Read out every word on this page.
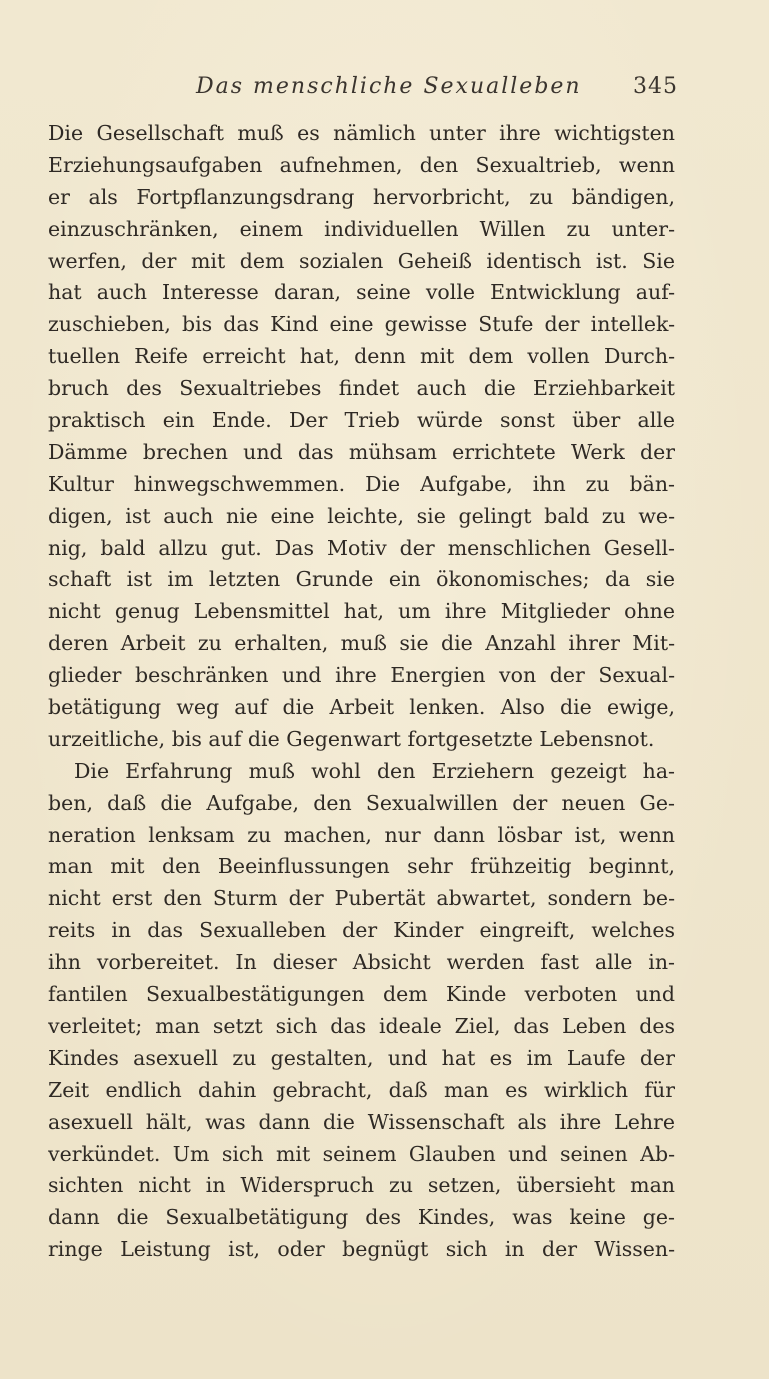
Das menschliche Sexualleben 345
Die Gesellschaft muß es nämlich unter ihre wichtigsten
Erziehungsaufgaben aufnehmen, den Sexualtrieb, wenn
er als Fortpflanzungsdrang hervorbricht, zu bändigen,
einzuschränken, einem individuellen Willen zu unter-
werfen, der mit dem sozialen Geheiß identisch ist. Sie
hat auch Interesse daran, seine volle Entwicklung auf-
zuschieben, bis das Kind eine gewisse Stufe der intellek-
tuellen Reife erreicht hat, denn mit dem vollen Durch-
bruch des Sexualtriebes findet auch die Erziehbarkeit
praktisch ein Ende. Der Trieb würde sonst über alle
Dämme brechen und das mühsam errichtete Werk der
Kultur hinwegschwemmen. Die Aufgabe, ihn zu bän-
digen, ist auch nie eine leichte, sie gelingt bald zu we-
nig, bald allzu gut. Das Motiv der menschlichen Gesell-
schaft ist im letzten Grunde ein ökonomisches; da sie
nicht genug Lebensmittel hat, um ihre Mitglieder ohne
deren Arbeit zu erhalten, muß sie die Anzahl ihrer Mit-
glieder beschränken und ihre Energien von der Sexual-
betätigung weg auf die Arbeit lenken. Also die ewige,
urzeitliche, bis auf die Gegenwart fortgesetzte Lebensnot.
Die Erfahrung muß wohl den Erziehern gezeigt ha-
ben, daß die Aufgabe, den Sexualwillen der neuen Ge-
neration lenksam zu machen, nur dann lösbar ist, wenn
man mit den Beeinflussungen sehr frühzeitig beginnt,
nicht erst den Sturm der Pubertät abwartet, sondern be-
reits in das Sexualleben der Kinder eingreift, welches
ihn vorbereitet. In dieser Absicht werden fast alle in-
fantilen Sexualbestätigungen dem Kinde verboten und
verleitet; man setzt sich das ideale Ziel, das Leben des
Kindes asexuell zu gestalten, und hat es im Laufe der
Zeit endlich dahin gebracht, daß man es wirklich für
asexuell hält, was dann die Wissenschaft als ihre Lehre
verkündet. Um sich mit seinem Glauben und seinen Ab-
sichten nicht in Widerspruch zu setzen, übersieht man
dann die Sexualbetätigung des Kindes, was keine ge-
ringe Leistung ist, oder begnügt sich in der Wissen-
